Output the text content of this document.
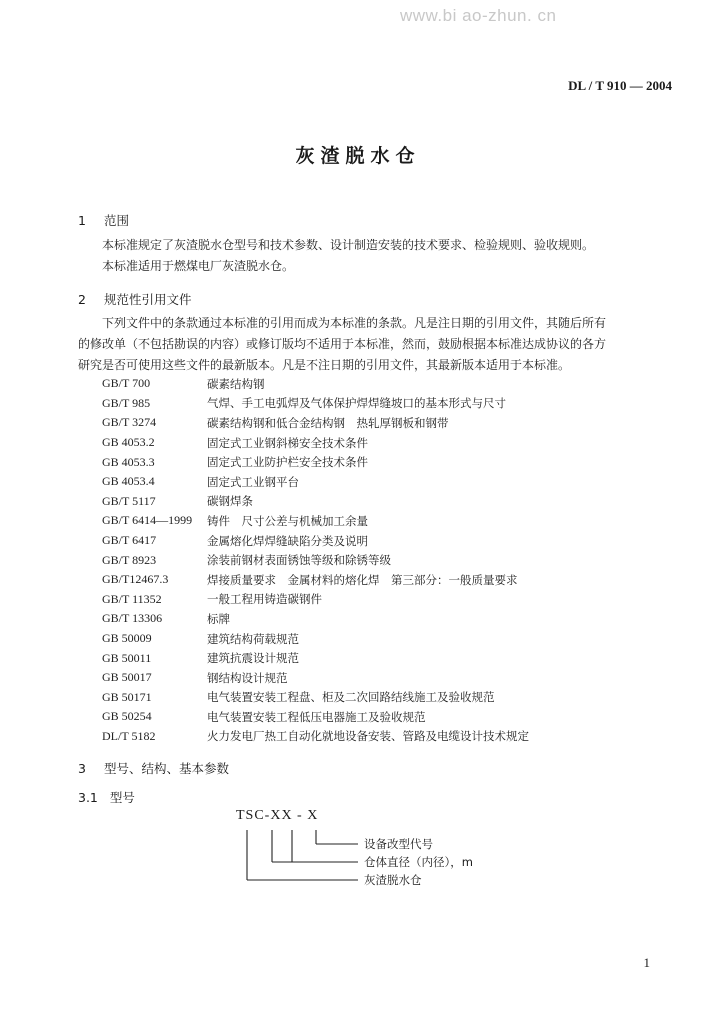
www.bi ao-zhun. cn
DL / T 910 — 2004
灰渣脱水仓
1 范围

本标准规定了灰渣脱水仓型号和技术参数、设计制造安装的技术要求、检验规则、验收规则。

本标准适用于燃煤电厂灰渣脱水仓。

2 规范性引用文件

下列文件中的条款通过本标准的引用而成为本标准的条款。凡是注日期的引用文件，其随后所有

的修改单（不包括勘误的内容）或修订版均不适用于本标准，然而，鼓励根据本标准达成协议的各方

研究是否可使用这些文件的最新版本。凡是不注日期的引用文件，其最新版本适用于本标准。

GB/T 700	碳素结构钢
GB/T 985	气焊、手工电弧焊及气体保护焊焊缝坡口的基本形式与尺寸
GB/T 3274	碳素结构钢和低合金结构钢　热轧厚钢板和钢带
GB 4053.2	固定式工业钢斜梯安全技术条件
GB 4053.3	固定式工业防护栏安全技术条件
GB 4053.4	固定式工业钢平台
GB/T 5117	碳钢焊条
GB/T 6414—1999	铸件　尺寸公差与机械加工余量
GB/T 6417	金属熔化焊焊缝缺陷分类及说明
GB/T 8923	涂装前钢材表面锈蚀等级和除锈等级
GB/T12467.3	焊接质量要求　金属材料的熔化焊　第三部分：一般质量要求
GB/T 11352	一般工程用铸造碳钢件
GB/T 13306	标牌
GB 50009	建筑结构荷载规范
GB 50011	建筑抗震设计规范
GB 50017	钢结构设计规范
GB 50171	电气装置安装工程盘、柜及二次回路结线施工及验收规范
GB 50254	电气装置安装工程低压电器施工及验收规范
DL/T 5182	火力发电厂热工自动化就地设备安装、管路及电缆设计技术规定
3 型号、结构、基本参数
3.1 型号
TSC-XX - X
设备改型代号
仓体直径（内径），m
灰渣脱水仓
1
